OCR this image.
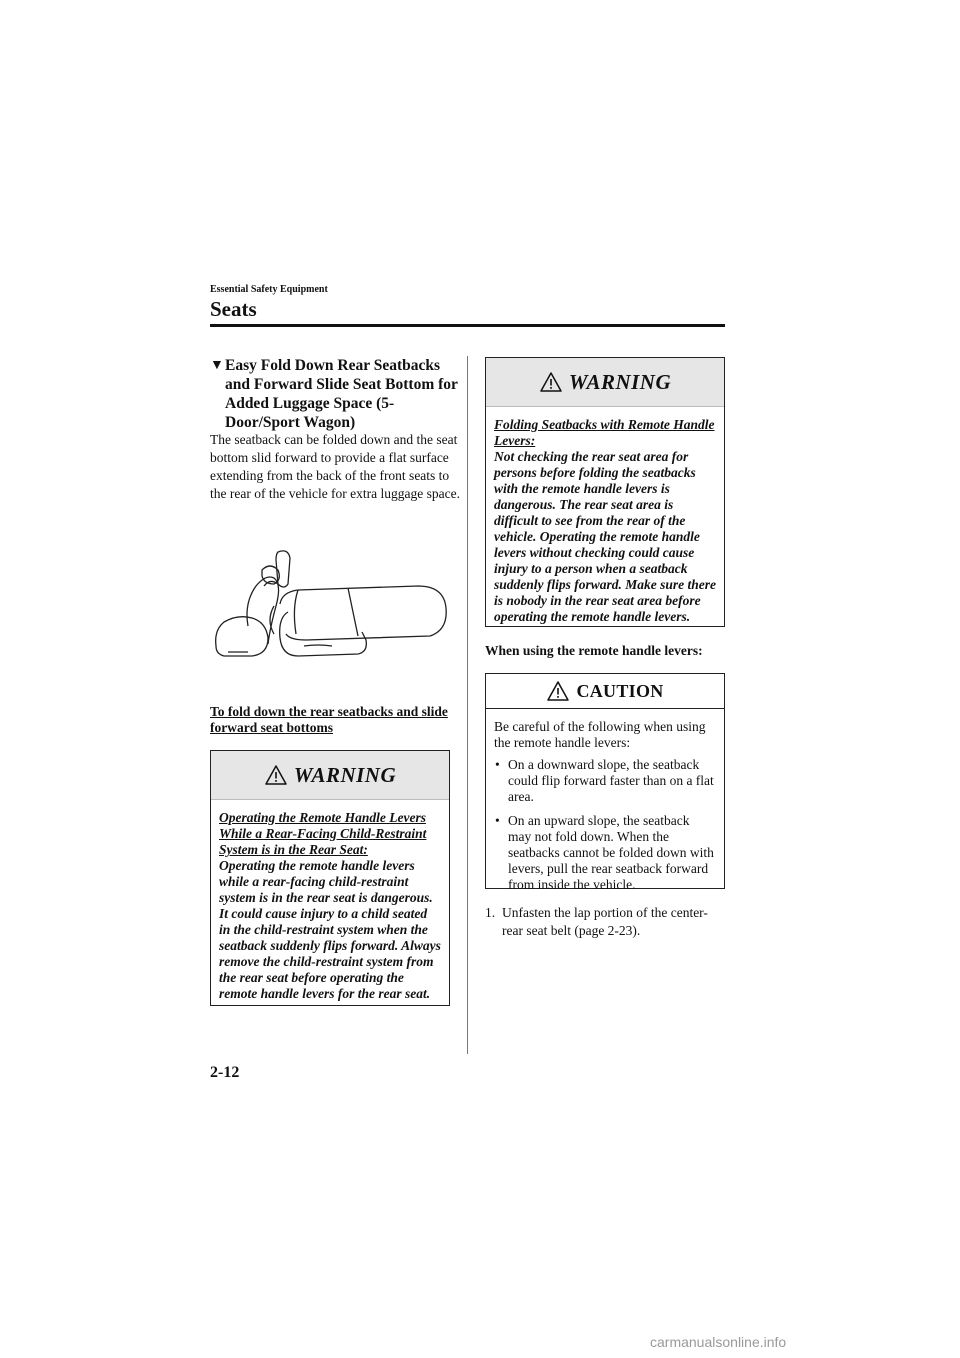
Essential Safety Equipment
Seats
▼ Easy Fold Down Rear Seatbacks and Forward Slide Seat Bottom for Added Luggage Space (5-Door/Sport Wagon)
The seatback can be folded down and the seat bottom slid forward to provide a flat surface extending from the back of the front seats to the rear of the vehicle for extra luggage space.
To fold down the rear seatbacks and slide forward seat bottoms
WARNING
Operating the Remote Handle Levers While a Rear-Facing Child-Restraint System is in the Rear Seat:
Operating the remote handle levers while a rear-facing child-restraint system is in the rear seat is dangerous. It could cause injury to a child seated in the child-restraint system when the seatback suddenly flips forward. Always remove the child-restraint system from the rear seat before operating the remote handle levers for the rear seat.
WARNING
Folding Seatbacks with Remote Handle Levers:
Not checking the rear seat area for persons before folding the seatbacks with the remote handle levers is dangerous. The rear seat area is difficult to see from the rear of the vehicle. Operating the remote handle levers without checking could cause injury to a person when a seatback suddenly flips forward. Make sure there is nobody in the rear seat area before operating the remote handle levers.
When using the remote handle levers:
CAUTION
Be careful of the following when using the remote handle levers:
• On a downward slope, the seatback could flip forward faster than on a flat area.
• On an upward slope, the seatback may not fold down. When the seatbacks cannot be folded down with levers, pull the rear seatback forward from inside the vehicle.
1. Unfasten the lap portion of the center-rear seat belt (page 2-23).
2-12
carmanualsonline.info
